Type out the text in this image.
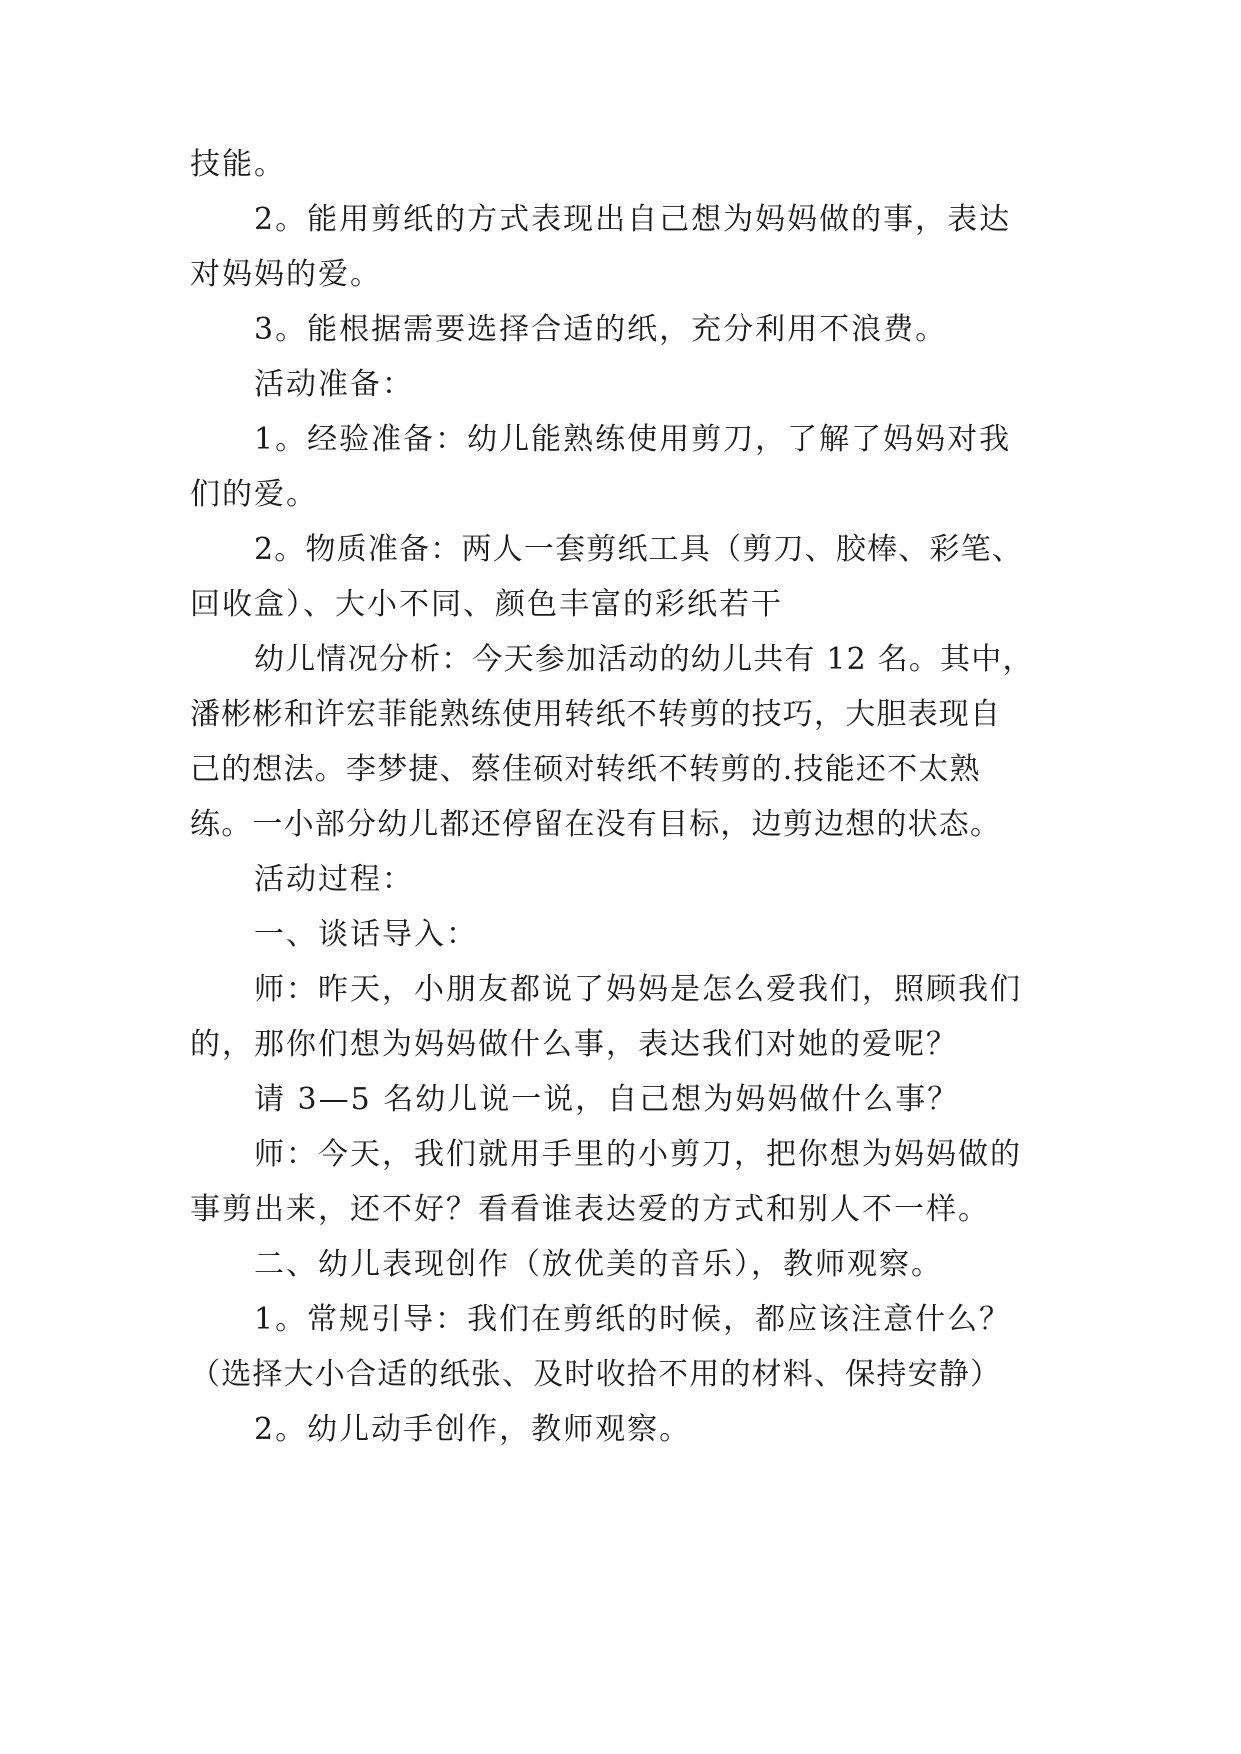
技能。
2。能用剪纸的方式表现出自己想为妈妈做的事，表达
对妈妈的爱。
3。能根据需要选择合适的纸，充分利用不浪费。
活动准备：
1。经验准备：幼儿能熟练使用剪刀，了解了妈妈对我
们的爱。
2。物质准备：两人一套剪纸工具（剪刀、胶棒、彩笔、
回收盒）、大小不同、颜色丰富的彩纸若干
幼儿情况分析：今天参加活动的幼儿共有 12 名。其中，
潘彬彬和许宏菲能熟练使用转纸不转剪的技巧，大胆表现自
己的想法。李梦捷、蔡佳硕对转纸不转剪的.技能还不太熟
练。一小部分幼儿都还停留在没有目标，边剪边想的状态。
活动过程：
一、谈话导入：
师：昨天，小朋友都说了妈妈是怎么爱我们，照顾我们
的，那你们想为妈妈做什么事，表达我们对她的爱呢？
请 3—5 名幼儿说一说，自己想为妈妈做什么事？
师：今天，我们就用手里的小剪刀，把你想为妈妈做的
事剪出来，还不好？看看谁表达爱的方式和别人不一样。
二、幼儿表现创作（放优美的音乐），教师观察。
1。常规引导：我们在剪纸的时候，都应该注意什么？
（选择大小合适的纸张、及时收拾不用的材料、保持安静）
2。幼儿动手创作，教师观察。
